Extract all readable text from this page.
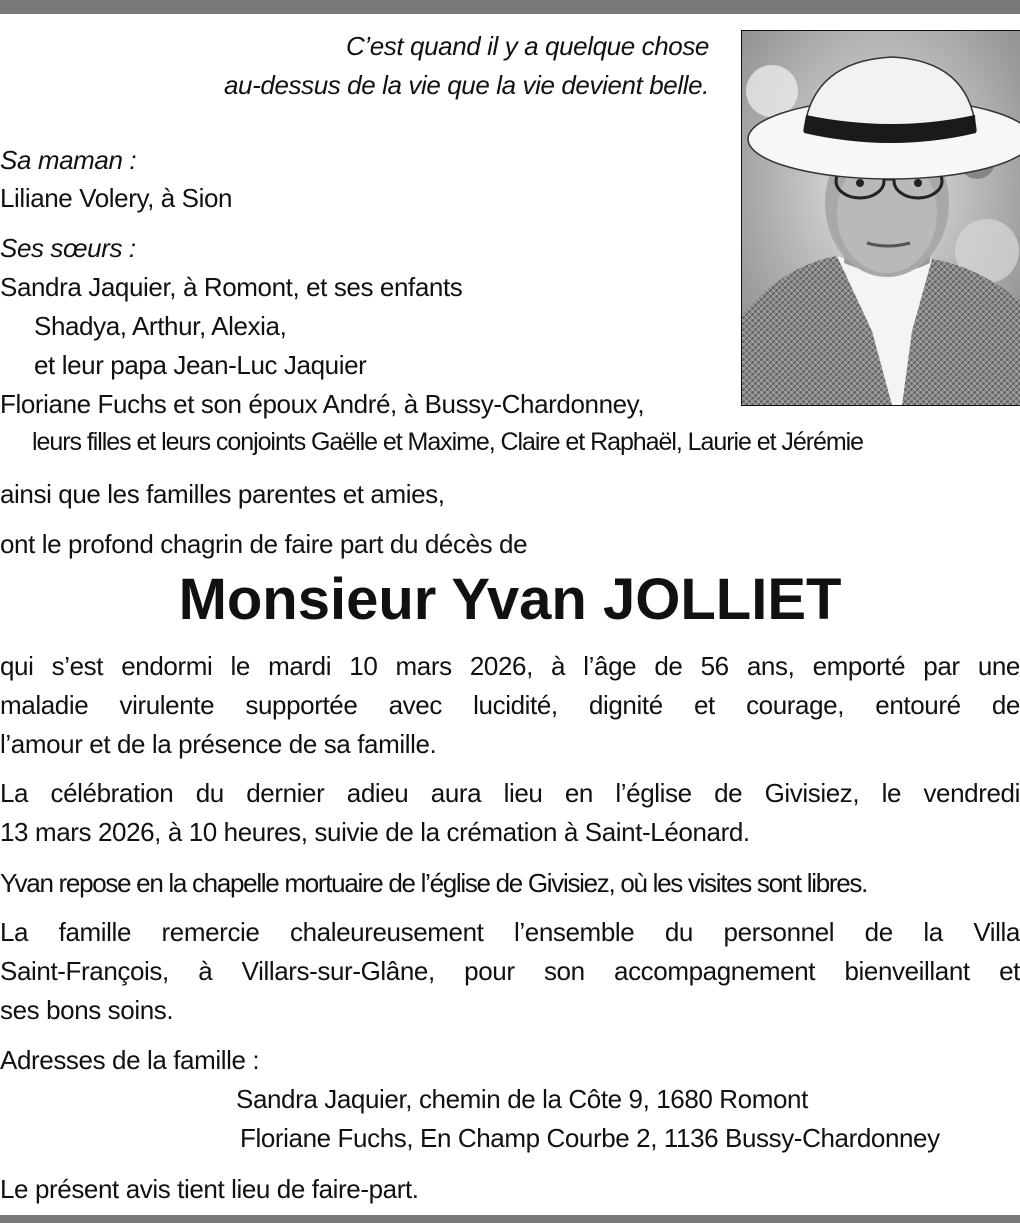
C’est quand il y a quelque chose
au-dessus de la vie que la vie devient belle.
Sa maman :
Liliane Volery, à Sion
Ses sœurs :
Sandra Jaquier, à Romont, et ses enfants
Shadya, Arthur, Alexia,
et leur papa Jean-Luc Jaquier
Floriane Fuchs et son époux André, à Bussy-Chardonney,
leurs filles et leurs conjoints Gaëlle et Maxime, Claire et Raphaël, Laurie et Jérémie
ainsi que les familles parentes et amies,
ont le profond chagrin de faire part du décès de
Monsieur Yvan JOLLIET
qui s’est endormi le mardi 10 mars 2026, à l’âge de 56 ans, emporté par une
maladie virulente supportée avec lucidité, dignité et courage, entouré de
l’amour et de la présence de sa famille.
La célébration du dernier adieu aura lieu en l’église de Givisiez, le vendredi
13 mars 2026, à 10 heures, suivie de la crémation à Saint-Léonard.
Yvan repose en la chapelle mortuaire de l’église de Givisiez, où les visites sont libres.
La famille remercie chaleureusement l’ensemble du personnel de la Villa
Saint-François, à Villars-sur-Glâne, pour son accompagnement bienveillant et
ses bons soins.
Adresses de la famille :
Sandra Jaquier, chemin de la Côte 9, 1680 Romont
Floriane Fuchs, En Champ Courbe 2, 1136 Bussy-Chardonney
Le présent avis tient lieu de faire-part.
